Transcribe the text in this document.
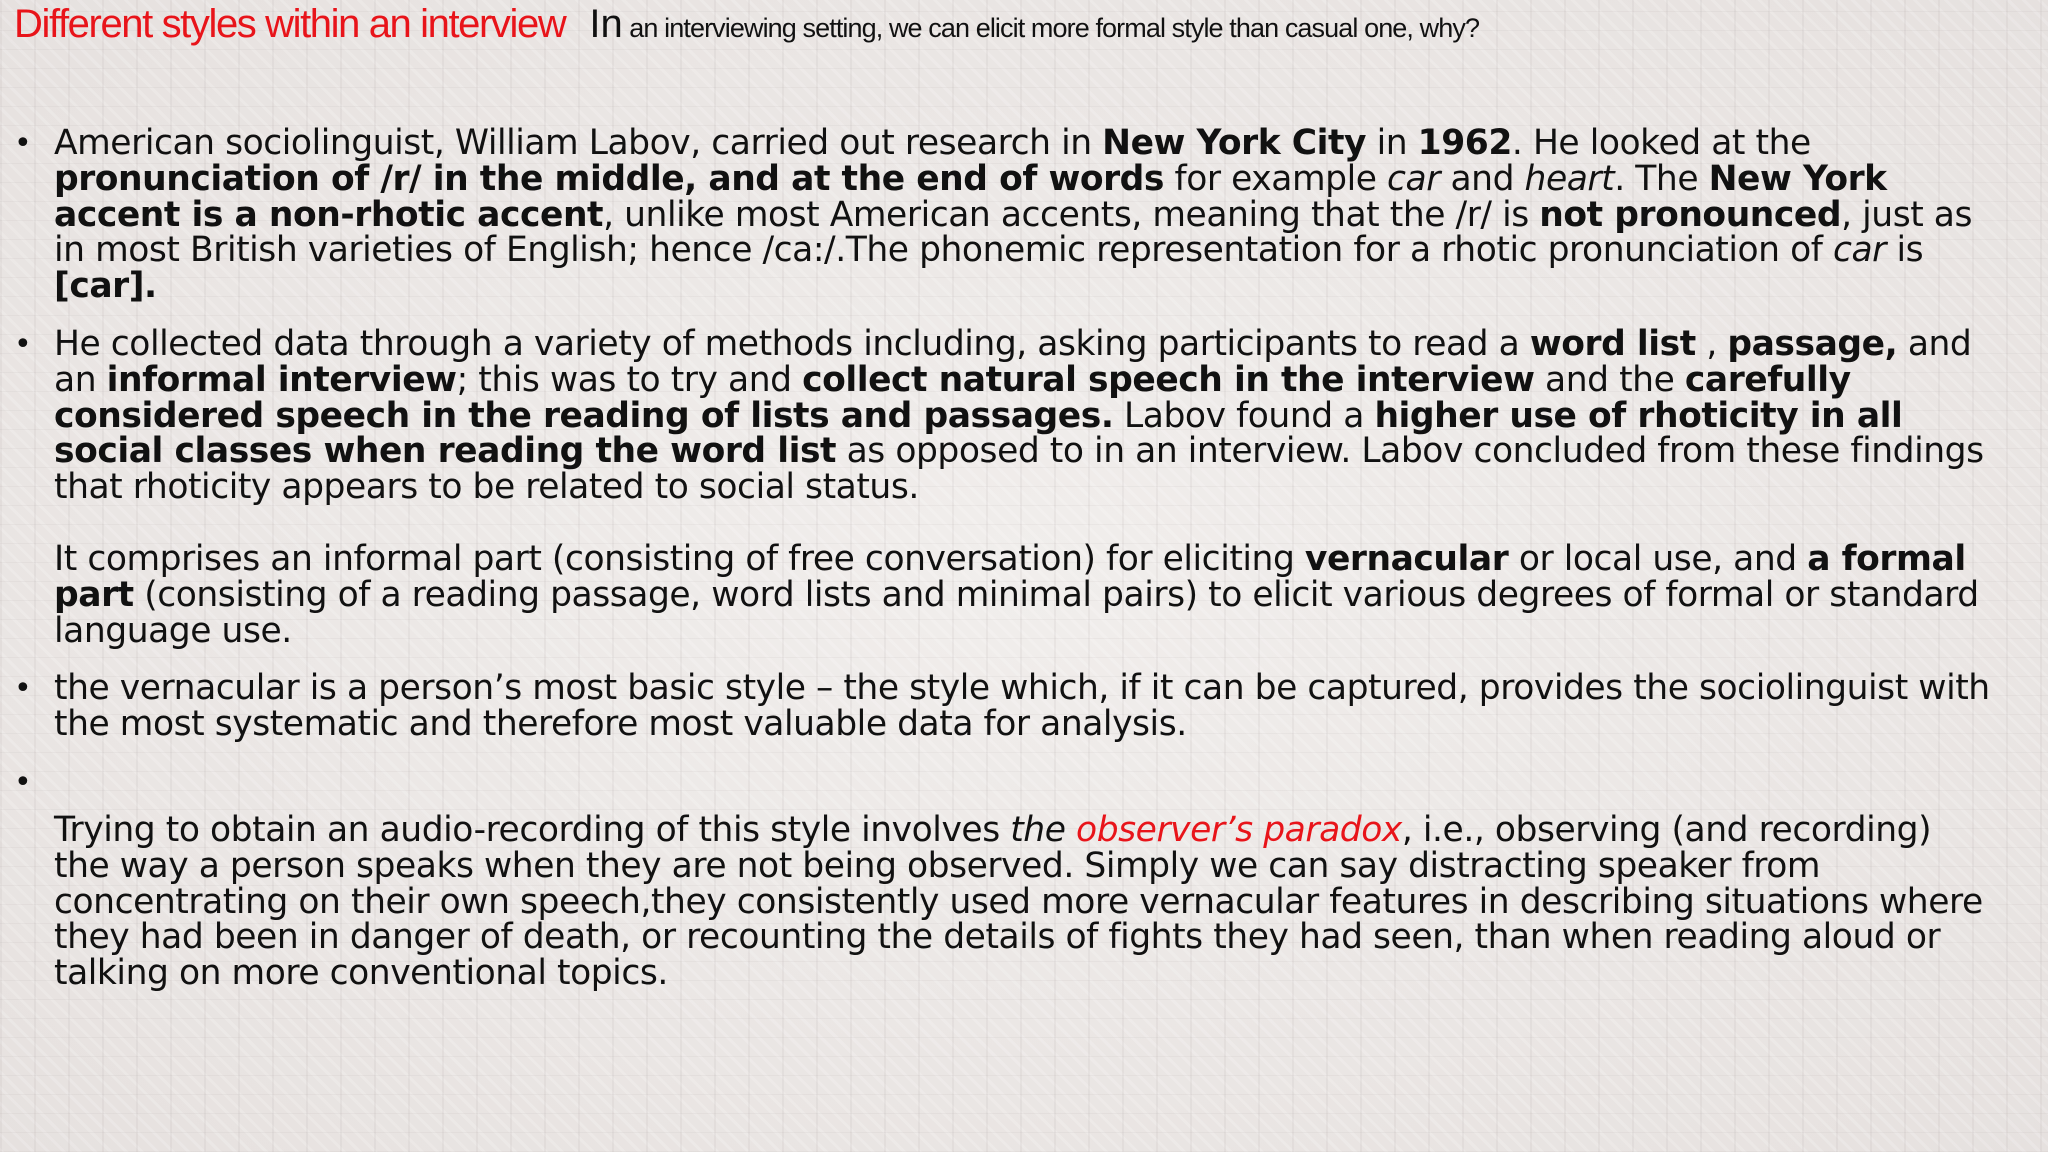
Different styles within an interview In an interviewing setting, we can elicit more formal style than casual one, why?
• American sociolinguist, William Labov, carried out research in New York City in 1962. He looked at the pronunciation of /r/ in the middle, and at the end of words for example car and heart. The New York accent is a non-rhotic accent, unlike most American accents, meaning that the /r/ is not pronounced, just as in most British varieties of English; hence /ca:/.The phonemic representation for a rhotic pronunciation of car is [car].
• He collected data through a variety of methods including, asking participants to read a word list , passage, and an informal interview; this was to try and collect natural speech in the interview and the carefully considered speech in the reading of lists and passages. Labov found a higher use of rhoticity in all social classes when reading the word list as opposed to in an interview. Labov concluded from these findings that rhoticity appears to be related to social status.
It comprises an informal part (consisting of free conversation) for eliciting vernacular or local use, and a formal part (consisting of a reading passage, word lists and minimal pairs) to elicit various degrees of formal or standard language use.
• the vernacular is a person’s most basic style – the style which, if it can be captured, provides the sociolinguist with the most systematic and therefore most valuable data for analysis.
•
Trying to obtain an audio-recording of this style involves the observer’s paradox, i.e., observing (and recording) the way a person speaks when they are not being observed. Simply we can say distracting speaker from concentrating on their own speech,they consistently used more vernacular features in describing situations where they had been in danger of death, or recounting the details of fights they had seen, than when reading aloud or talking on more conventional topics.
